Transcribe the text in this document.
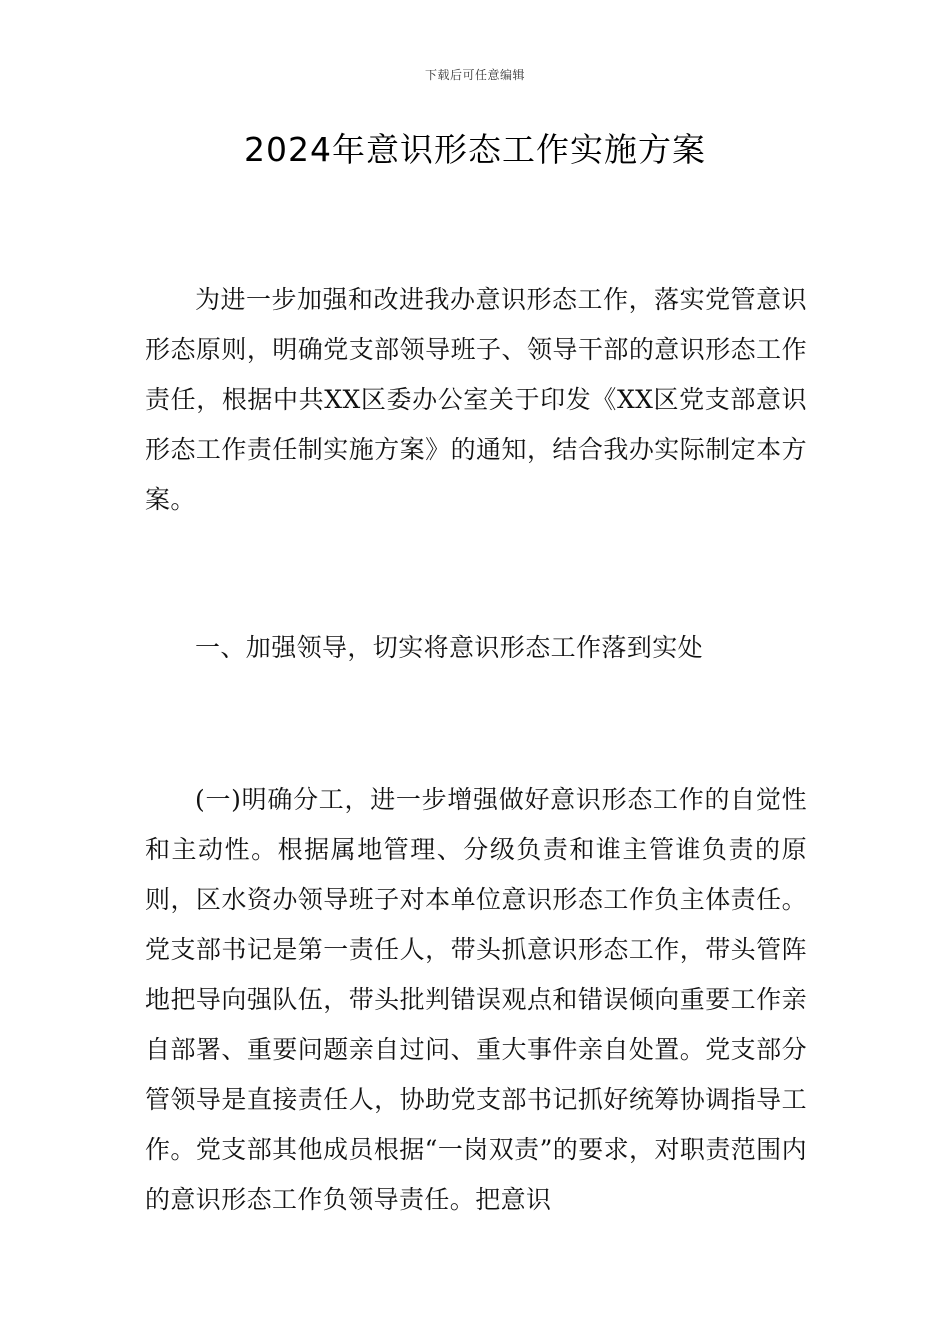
下载后可任意编辑
2024年意识形态工作实施方案

为进一步加强和改进我办意识形态工作，落实党管意识形态原则，明确党支部领导班子、领导干部的意识形态工作责任，根据中共XX区委办公室关于印发《XX区党支部意识形态工作责任制实施方案》的通知，结合我办实际制定本方案。

一、加强领导，切实将意识形态工作落到实处

(一)明确分工，进一步增强做好意识形态工作的自觉性和主动性。根据属地管理、分级负责和谁主管谁负责的原则，区水资办领导班子对本单位意识形态工作负主体责任。党支部书记是第一责任人，带头抓意识形态工作，带头管阵地把导向强队伍，带头批判错误观点和错误倾向重要工作亲自部署、重要问题亲自过问、重大事件亲自处置。党支部分管领导是直接责任人，协助党支部书记抓好统筹协调指导工作。党支部其他成员根据“一岗双责”的要求，对职责范围内的意识形态工作负领导责任。把意识
